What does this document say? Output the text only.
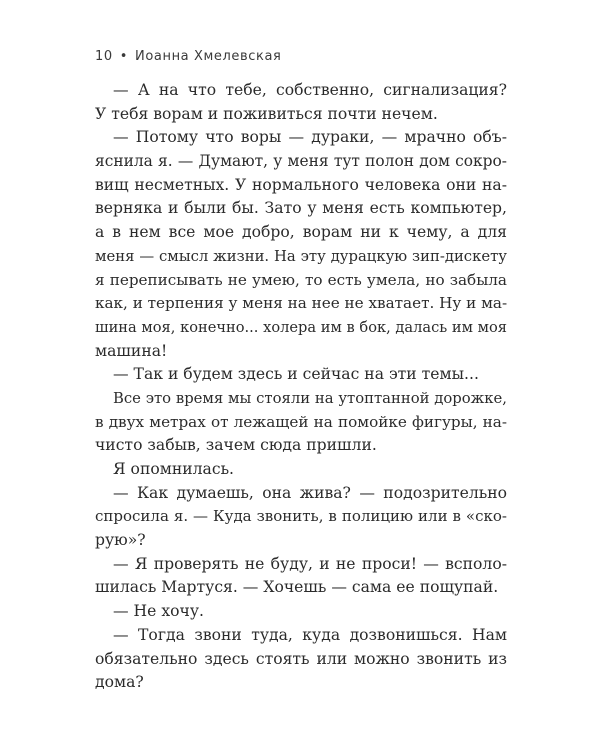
10 • Иоанна Хмелевская
— А на что тебе, собственно, сигнализация?
У тебя ворам и поживиться почти нечем.
— Потому что воры — дураки, — мрачно объ-
яснила я. — Думают, у меня тут полон дом сокро-
вищ несметных. У нормального человека они на-
верняка и были бы. Зато у меня есть компьютер,
а в нем все мое добро, ворам ни к чему, а для
меня — смысл жизни. На эту дурацкую зип-дискету
я переписывать не умею, то есть умела, но забыла
как, и терпения у меня на нее не хватает. Ну и ма-
шина моя, конечно... холера им в бок, далась им моя
машина!
— Так и будем здесь и сейчас на эти темы...
Все это время мы стояли на утоптанной дорожке,
в двух метрах от лежащей на помойке фигуры, на-
чисто забыв, зачем сюда пришли.
Я опомнилась.
— Как думаешь, она жива? — подозрительно
спросила я. — Куда звонить, в полицию или в «ско-
рую»?
— Я проверять не буду, и не проси! — всполо-
шилась Мартуся. — Хочешь — сама ее пощупай.
— Не хочу.
— Тогда звони туда, куда дозвонишься. Нам
обязательно здесь стоять или можно звонить из
дома?
